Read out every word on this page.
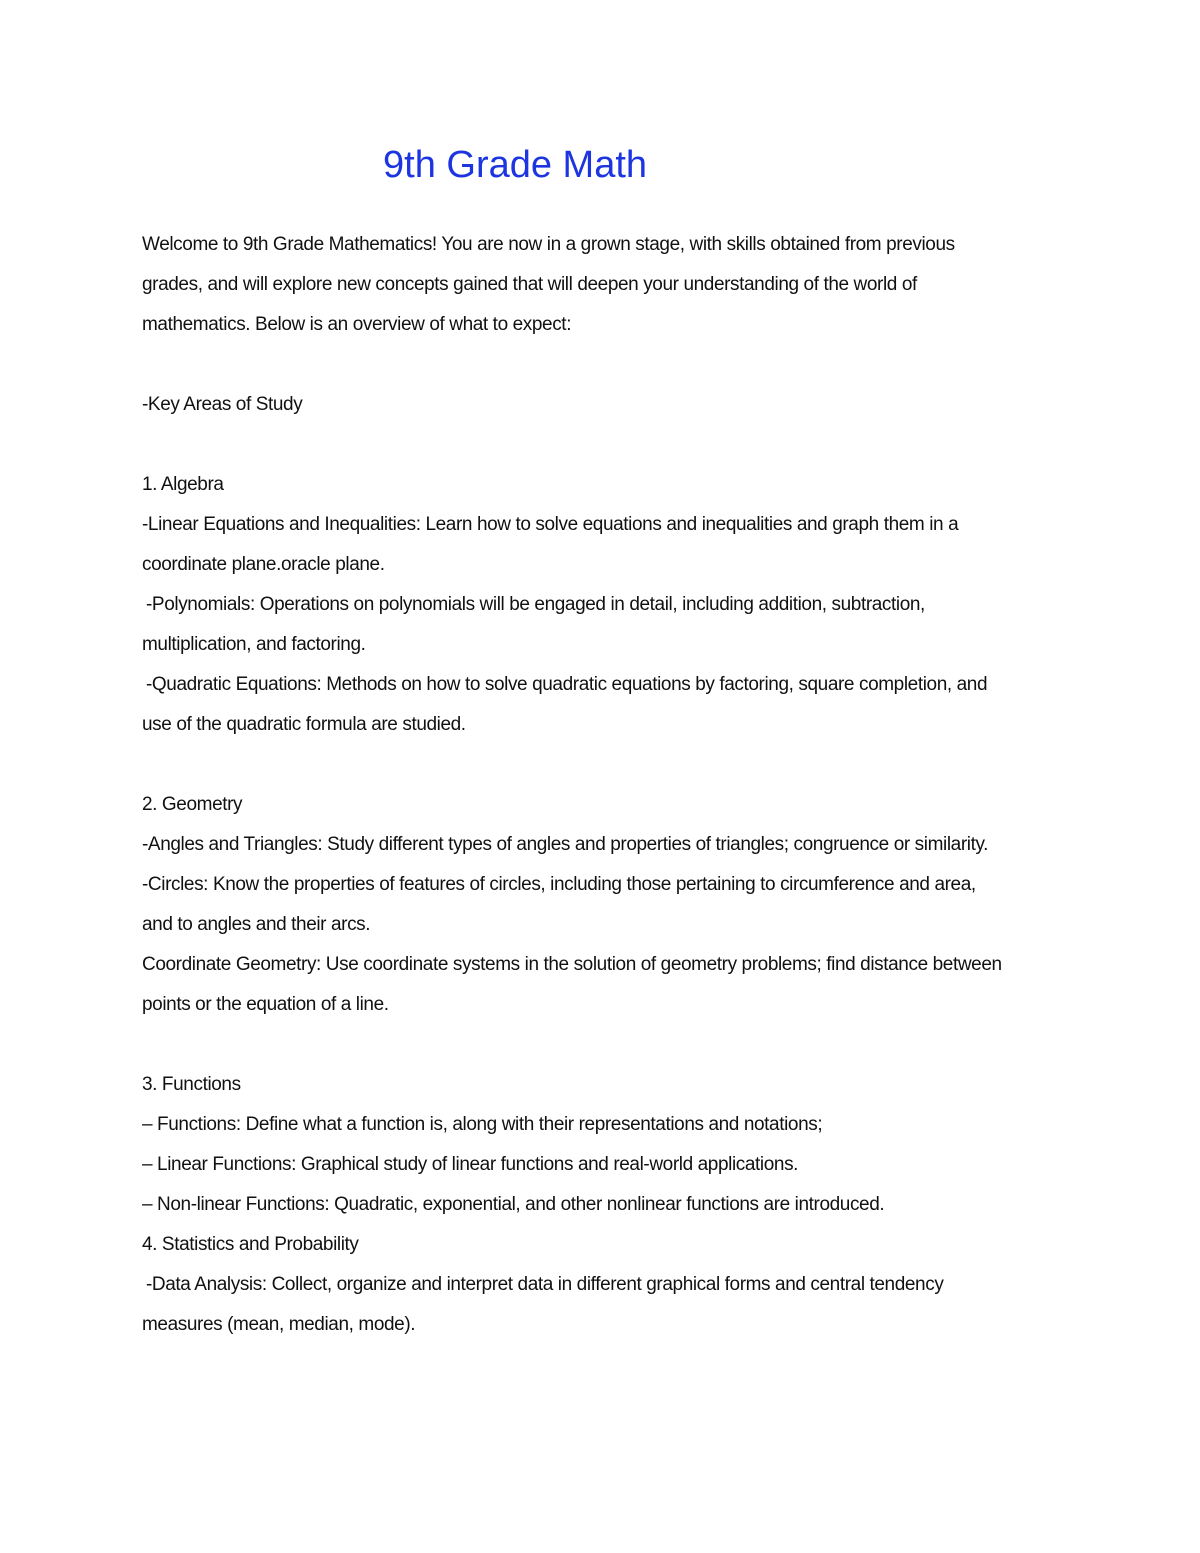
9th Grade Math
Welcome to 9th Grade Mathematics! You are now in a grown stage, with skills obtained from previous
grades, and will explore new concepts gained that will deepen your understanding of the world of
mathematics. Below is an overview of what to expect:
-Key Areas of Study
1. Algebra
-Linear Equations and Inequalities: Learn how to solve equations and inequalities and graph them in a
coordinate plane.oracle plane.
-Polynomials: Operations on polynomials will be engaged in detail, including addition, subtraction,
multiplication, and factoring.
-Quadratic Equations: Methods on how to solve quadratic equations by factoring, square completion, and
use of the quadratic formula are studied.
2. Geometry
-Angles and Triangles: Study different types of angles and properties of triangles; congruence or similarity.
-Circles: Know the properties of features of circles, including those pertaining to circumference and area,
and to angles and their arcs.
Coordinate Geometry: Use coordinate systems in the solution of geometry problems; find distance between
points or the equation of a line.
3. Functions
– Functions: Define what a function is, along with their representations and notations;
– Linear Functions: Graphical study of linear functions and real-world applications.
– Non-linear Functions: Quadratic, exponential, and other nonlinear functions are introduced.
4. Statistics and Probability
-Data Analysis: Collect, organize and interpret data in different graphical forms and central tendency
measures (mean, median, mode).
